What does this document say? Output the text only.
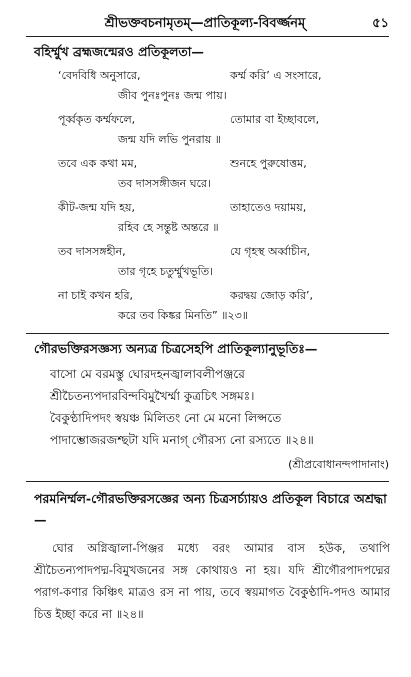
শ্রীভক্তবচনামৃতম্—প্রাতিকূল্য-বিবর্জ্জনম্	৫১
বহির্ম্মুখ ব্রহ্মজন্মেরও প্রতিকূলতা—
‘বেদবিধি অনুসারে,	কর্ম্ম করি’ এ সংসারে,
জীব পুনঃপুনঃ জন্ম পায়।
পূর্ব্বকৃত কর্ম্মফলে,	তোমার বা ইচ্ছাবলে,
জন্ম যদি লভি পুনরায় ॥
তবে এক কথা মম,	শুনহে পুরুষোত্তম,
তব দাসসঙ্গীজন ঘরে।
কীট-জন্ম যদি হয়,	তাহাতেও দয়াময়,
রহিব হে সন্তুষ্ট অন্তরে ॥
তব দাসসঙ্গহীন,	যে গৃহস্থ অর্ব্বাচীন,
তার গৃহে চতুর্ম্মুখভূতি।
না চাই কখন হরি,	করদ্বয় জোড় করি’,
করে তব কিঙ্কর মিনতি” ॥২৩॥
গৌরভক্তিরসজ্ঞস্য অন্যত্র চিত্রসেহপি প্রাতিকূল্যানুভূতিঃ—
বাসো মে বরমস্তু ঘোরদহনজ্বালাবলীপঞ্জরে
শ্রীচৈতন্যপদারবিন্দবিমুখৈর্ম্মা কুত্রচিৎ সঙ্গমঃ।
বৈকুণ্ঠাদিপদং স্বয়ঞ্চ মিলিতং নো মে মনো লিপ্সতে
পাদাম্ভোজরজশ্ছটা যদি মনাগ্ গৌরস্য নো রস্যতে ॥২৪॥
(শ্রীপ্রবোধানন্দপাদানাং)
পরমনির্ম্মল-গৌরভক্তিরসজ্ঞের অন্য চিত্রসর্চ্যায়ও প্রতিকূল বিচারে অশ্রদ্ধা—
ঘোর অগ্নিজ্বালা-পিঞ্জর মধ্যে বরং আমার বাস হউক, তথাপি শ্রীচৈতন্যপাদপদ্ম-বিমুখজনের সঙ্গ কোথায়ও না হয়। যদি শ্রীগৌরপাদপদ্মের পরাগ-কণার কিঞ্চিৎ মাত্রও রস না পায়, তবে স্বয়মাগত বৈকুণ্ঠাদি-পদও আমার চিত্ত ইচ্ছা করে না ॥২৪॥
